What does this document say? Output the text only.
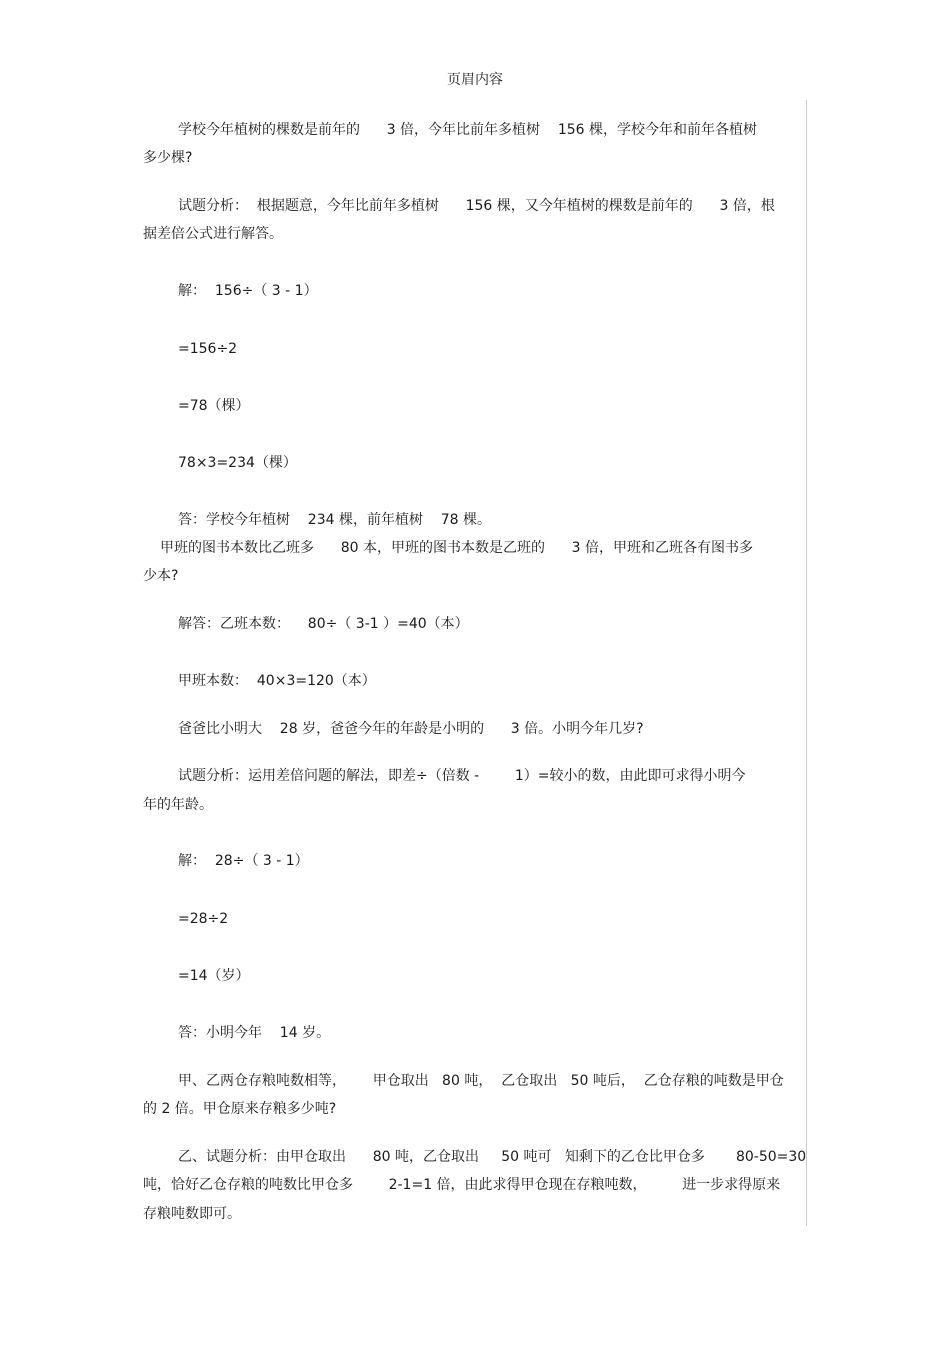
页眉内容
学校今年植树的棵数是前年的      3 倍，今年比前年多植树    156 棵，学校今年和前年各植树
多少棵?
试题分析：  根据题意，今年比前年多植树      156 棵，又今年植树的棵数是前年的      3 倍，根
据差倍公式进行解答。
解：  156÷（ 3 - 1）
=156÷2
=78（棵）
78×3=234（棵）
答：学校今年植树    234 棵，前年植树    78 棵。
甲班的图书本数比乙班多      80 本，甲班的图书本数是乙班的      3 倍，甲班和乙班各有图书多
少本?
解答：乙班本数：    80÷（ 3-1 ）=40（本）
甲班本数：  40×3=120（本）
爸爸比小明大    28 岁，爸爸今年的年龄是小明的      3 倍。小明今年几岁?
试题分析：运用差倍问题的解法，即差÷（倍数 -        1）=较小的数，由此即可求得小明今
年的年龄。
解：  28÷（ 3 - 1）
=28÷2
=14（岁）
答：小明今年    14 岁。
甲、乙两仓存粮吨数相等，      甲仓取出   80 吨，  乙仓取出   50 吨后，  乙仓存粮的吨数是甲仓
的 2 倍。甲仓原来存粮多少吨?
乙、试题分析：由甲仓取出      80 吨，乙仓取出     50 吨可   知剩下的乙仓比甲仓多       80-50=30
吨，恰好乙仓存粮的吨数比甲仓多        2-1=1 倍，由此求得甲仓现在存粮吨数，        进一步求得原来
存粮吨数即可。
